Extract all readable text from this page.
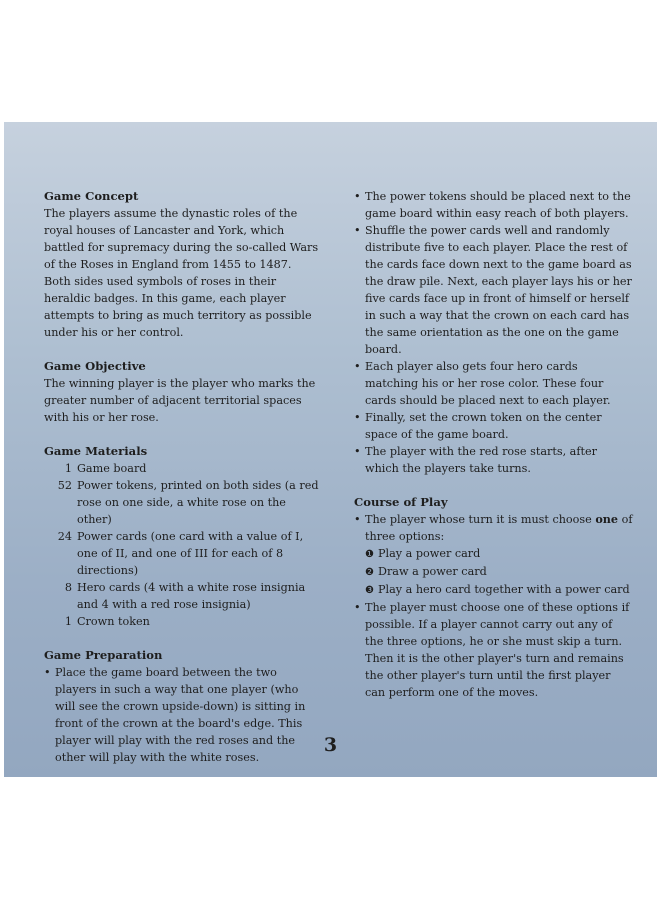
Game Concept

The players assume the dynastic roles of the royal houses of Lancaster and York, which battled for supremacy during the so-called Wars of the Roses in England from 1455 to 1487. Both sides used symbols of roses in their heraldic badges. In this game, each player attempts to bring as much territory as possible under his or her control.

Game Objective

The winning player is the player who marks the greater number of adjacent territorial spaces with his or her rose.

Game Materials
1 Game board
52 Power tokens, printed on both sides (a red rose on one side, a white rose on the other)
24 Power cards (one card with a value of I, one of II, and one of III for each of 8 directions)
8 Hero cards (4 with a white rose insignia and 4 with a red rose insignia)
1 Crown token
Game Preparation

• Place the game board between the two players in such a way that one player (who will see the crown upside-down) is sitting in front of the crown at the board's edge. This player will play with the red roses and the other will play with the white roses.

• The power tokens should be placed next to the game board within easy reach of both players.

• Shuffle the power cards well and randomly distribute five to each player. Place the rest of the cards face down next to the game board as the draw pile. Next, each player lays his or her five cards face up in front of himself or herself in such a way that the crown on each card has the same orientation as the one on the game board.

• Each player also gets four hero cards matching his or her rose color. These four cards should be placed next to each player.

• Finally, set the crown token on the center space of the game board.

• The player with the red rose starts, after which the players take turns.

Course of Play

• The player whose turn it is must choose one of three options:

❶ Play a power card
❷ Draw a power card
❸ Play a hero card together with a power card

• The player must choose one of these options if possible. If a player cannot carry out any of the three options, he or she must skip a turn. Then it is the other player's turn and remains the other player's turn until the first player can perform one of the moves.

3
